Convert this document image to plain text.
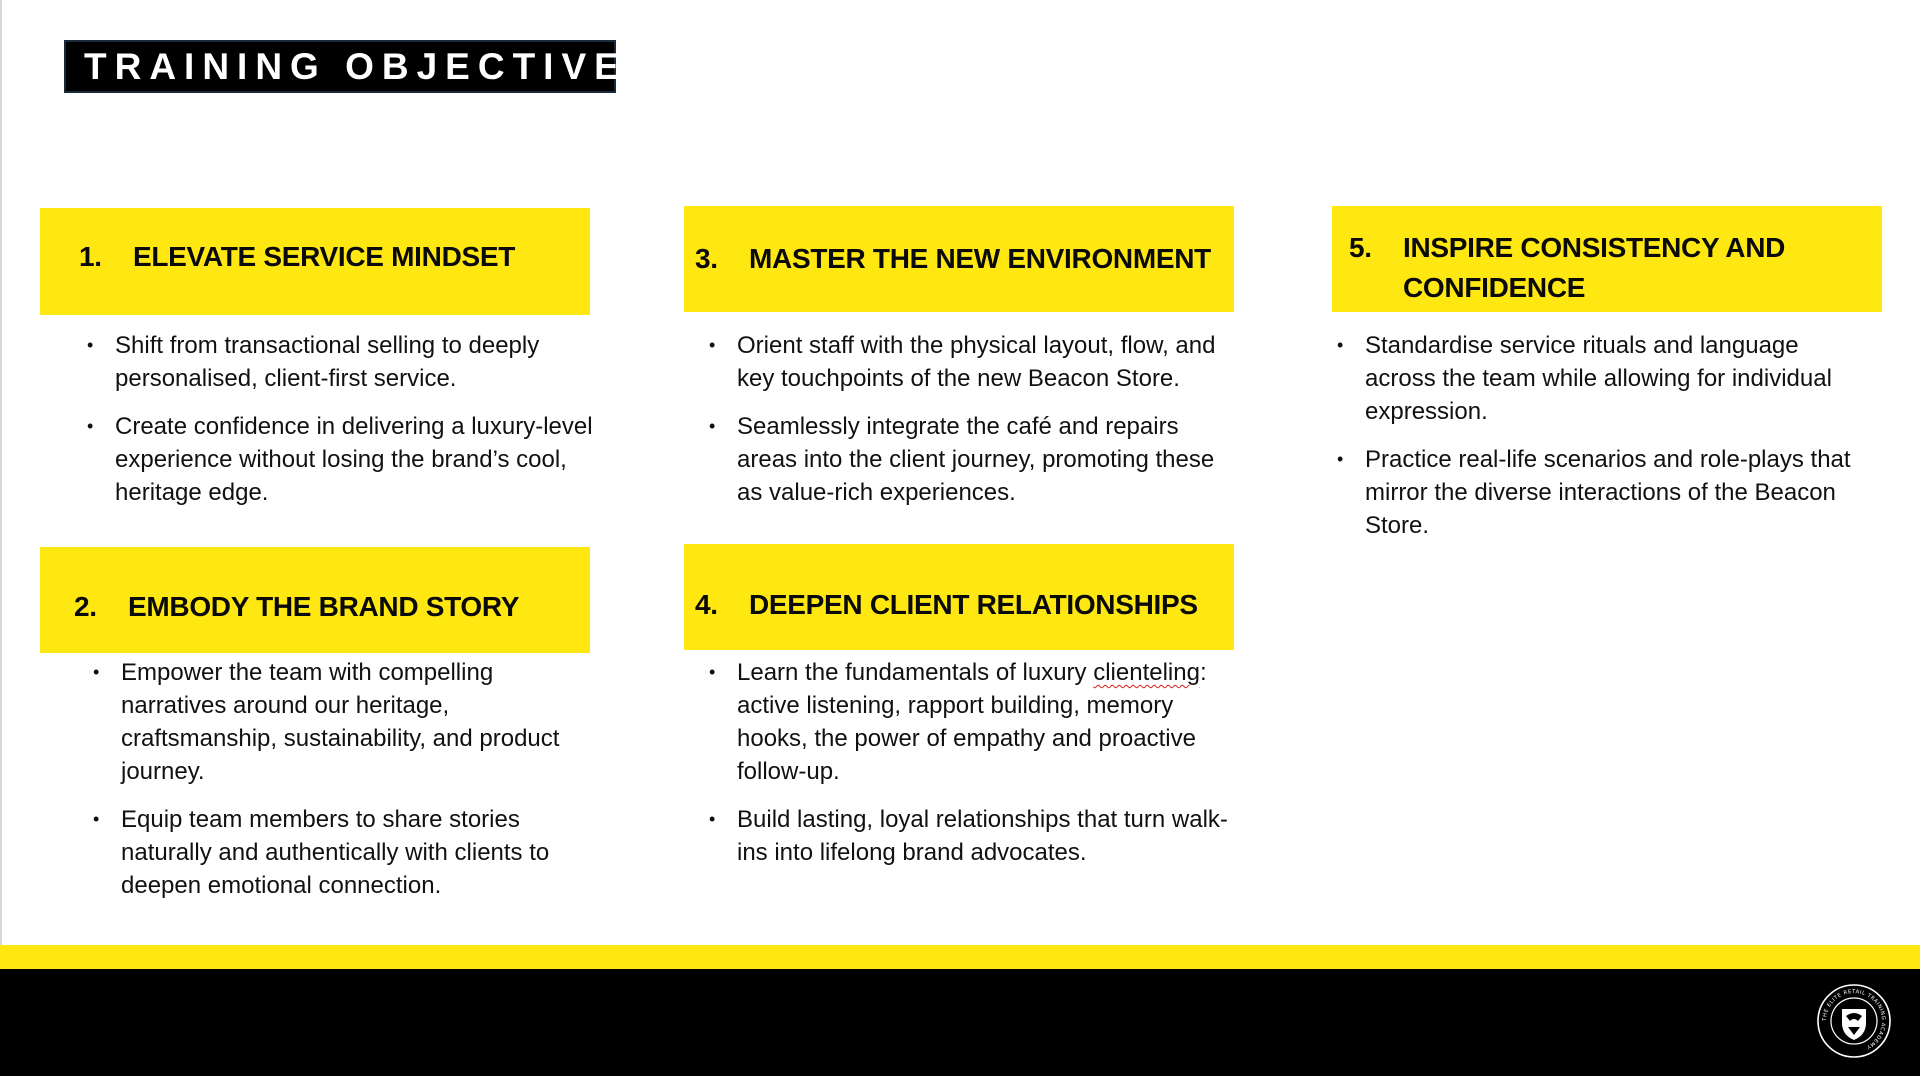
TRAINING OBJECTIVES
1. ELEVATE SERVICE MINDSET
• Shift from transactional selling to deeply personalised, client-first service.
• Create confidence in delivering a luxury-level experience without losing the brand’s cool, heritage edge.
2. EMBODY THE BRAND STORY
• Empower the team with compelling narratives around our heritage, craftsmanship, sustainability, and product journey.
• Equip team members to share stories naturally and authentically with clients to deepen emotional connection.
3. MASTER THE NEW ENVIRONMENT
• Orient staff with the physical layout, flow, and key touchpoints of the new Beacon Store.
• Seamlessly integrate the café and repairs areas into the client journey, promoting these as value-rich experiences.
4. DEEPEN CLIENT RELATIONSHIPS
• Learn the fundamentals of luxury clienteling: active listening, rapport building, memory hooks, the power of empathy and proactive follow-up.
• Build lasting, loyal relationships that turn walk-ins into lifelong brand advocates.
5. INSPIRE CONSISTENCY AND CONFIDENCE
• Standardise service rituals and language across the team while allowing for individual expression.
• Practice real-life scenarios and role-plays that mirror the diverse interactions of the Beacon Store.
THE ELITE RETAIL TRAINING ACADEMY
